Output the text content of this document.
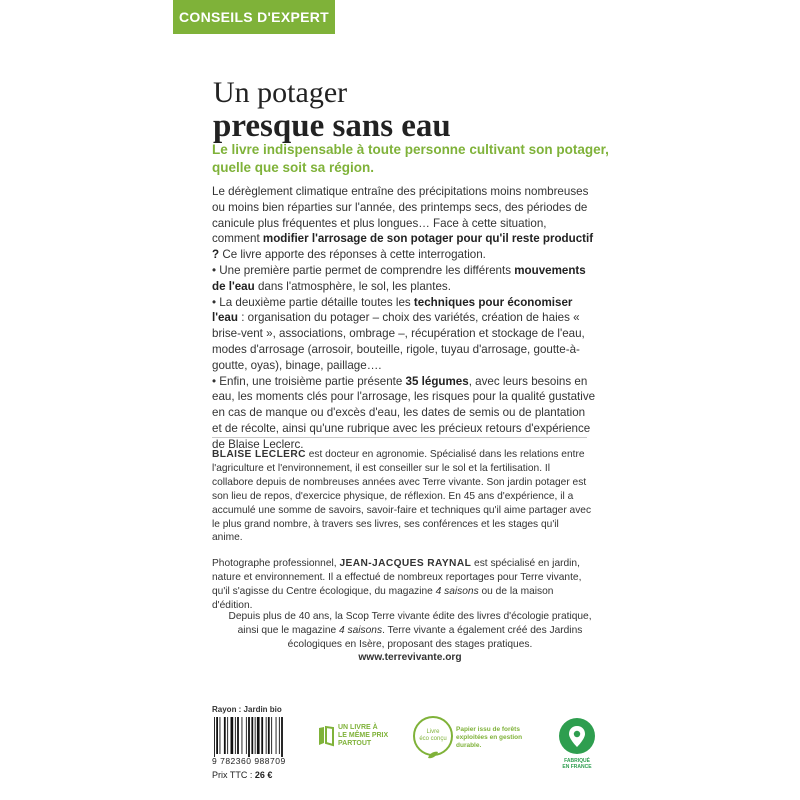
CONSEILS D'EXPERT
Un potager
presque sans eau
Le livre indispensable à toute personne cultivant son potager, quelle que soit sa région.

Le dérèglement climatique entraîne des précipitations moins nombreuses ou moins bien réparties sur l'année, des printemps secs, des périodes de canicule plus fréquentes et plus longues… Face à cette situation, comment modifier l'arrosage de son potager pour qu'il reste productif ? Ce livre apporte des réponses à cette interrogation.

• Une première partie permet de comprendre les différents mouvements de l'eau dans l'atmosphère, le sol, les plantes.

• La deuxième partie détaille toutes les techniques pour économiser l'eau : organisation du potager – choix des variétés, création de haies « brise-vent », associations, ombrage –, récupération et stockage de l'eau, modes d'arrosage (arrosoir, bouteille, rigole, tuyau d'arrosage, goutte-à-goutte, oyas), binage, paillage….

• Enfin, une troisième partie présente 35 légumes, avec leurs besoins en eau, les moments clés pour l'arrosage, les risques pour la qualité gustative en cas de manque ou d'excès d'eau, les dates de semis ou de plantation et de récolte, ainsi qu'une rubrique avec les précieux retours d'expérience de Blaise Leclerc.

BLAISE LECLERC est docteur en agronomie. Spécialisé dans les relations entre l'agriculture et l'environnement, il est conseiller sur le sol et la fertilisation. Il collabore depuis de nombreuses années avec Terre vivante. Son jardin potager est son lieu de repos, d'exercice physique, de réflexion. En 45 ans d'expérience, il a accumulé une somme de savoirs, savoir-faire et techniques qu'il aime partager avec le plus grand nombre, à travers ses livres, ses conférences et les stages qu'il anime.

Photographe professionnel, JEAN-JACQUES RAYNAL est spécialisé en jardin, nature et environnement. Il a effectué de nombreux reportages pour Terre vivante, qu'il s'agisse du Centre écologique, du magazine 4 saisons ou de la maison d'édition.

Depuis plus de 40 ans, la Scop Terre vivante édite des livres d'écologie pratique, ainsi que le magazine 4 saisons. Terre vivante a également créé des Jardins écologiques en Isère, proposant des stages pratiques.
www.terrevivante.org
Rayon : Jardin bio
9 782360 988709
Prix TTC : 26 €
UN LIVRE À
LE MÊME PRIX
PARTOUT
Livre
éco conçu
Papier issu de forêts exploitées en gestion durable.
FABRIQUÉ
EN FRANCE
